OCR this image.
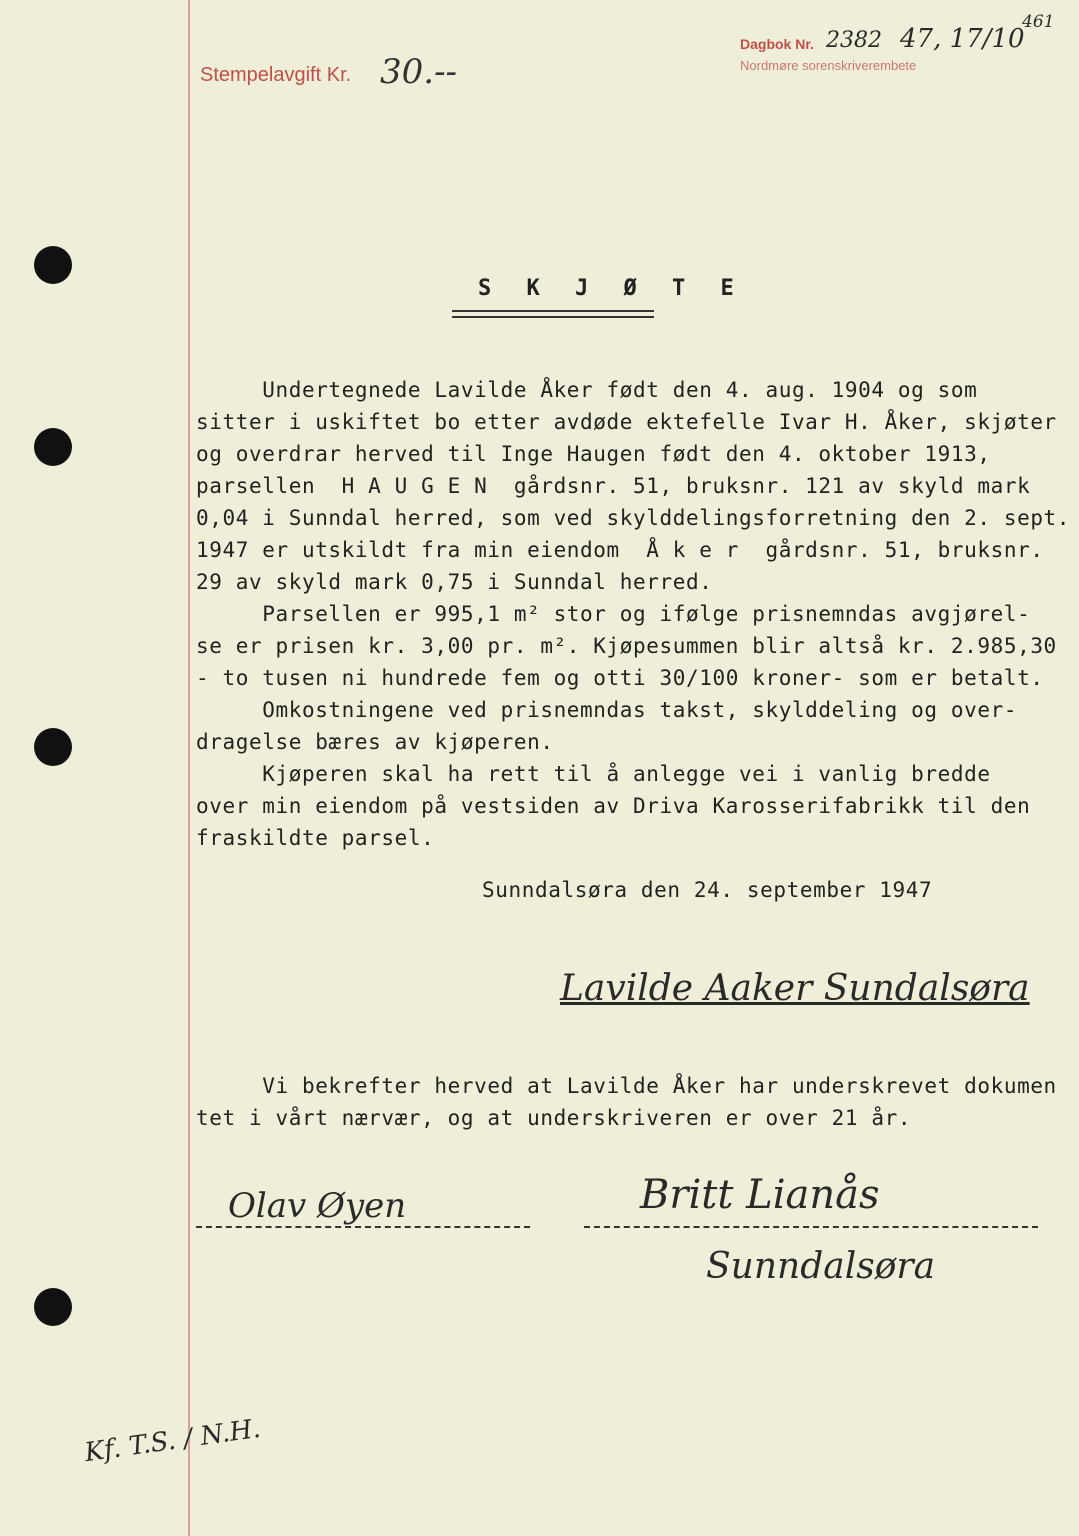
Stempelavgift Kr. 30.--
Dagbok Nr. 2382 47, 17/10
Nordmøre sorenskriverembete
461
S K J Ø T E
Undertegnede Lavilde Åker født den 4. aug. 1904 og som
sitter i uskiftet bo etter avdøde ektefelle Ivar H. Åker, skjøter
og overdrar herved til Inge Haugen født den 4. oktober 1913,
parsellen  H A U G E N  gårdsnr. 51, bruksnr. 121 av skyld mark
0,04 i Sunndal herred, som ved skylddelingsforretning den 2. sept.
1947 er utskildt fra min eiendom  Å k e r  gårdsnr. 51, bruksnr.
29 av skyld mark 0,75 i Sunndal herred.
Parsellen er 995,1 m² stor og ifølge prisnemndas avgjørel-
se er prisen kr. 3,00 pr. m². Kjøpesummen blir altså kr. 2.985,30
- to tusen ni hundrede fem og otti 30/100 kroner- som er betalt.
Omkostningene ved prisnemndas takst, skylddeling og over-
dragelse bæres av kjøperen.
Kjøperen skal ha rett til å anlegge vei i vanlig bredde
over min eiendom på vestsiden av Driva Karosserifabrikk til den
fraskildte parsel.
Sunndalsøra den 24. september 1947
Lavilde Aaker Sundalsøra
Vi bekrefter herved at Lavilde Åker har underskrevet dokumen
tet i vårt nærvær, og at underskriveren er over 21 år.
Olav Øyen	Britt Lianås
Sunndalsøra
Kf. T.S. / N.H.
